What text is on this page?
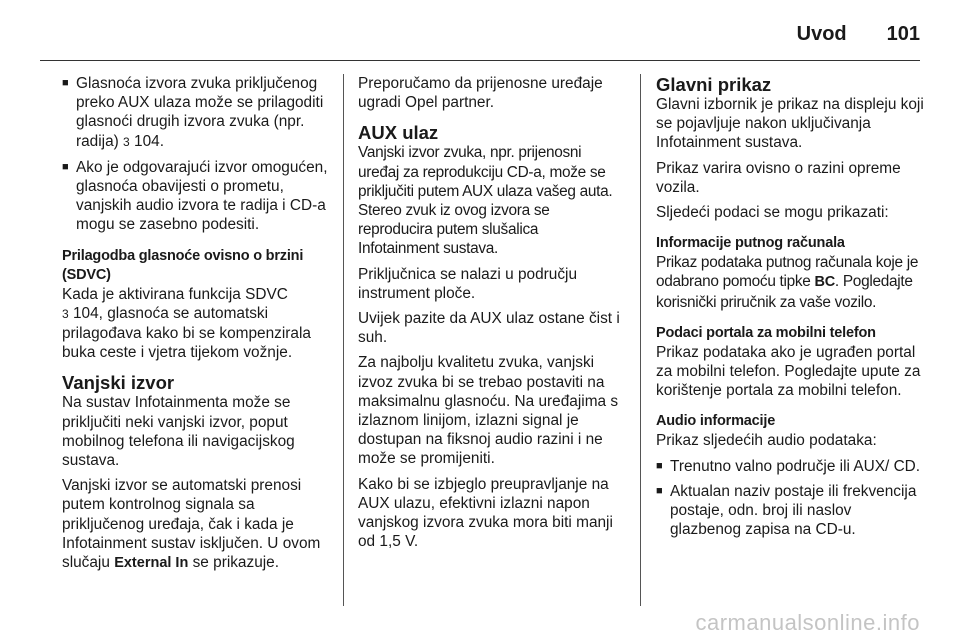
Uvod 101
■ Glasnoća izvora zvuka priključenog preko AUX ulaza može se prilagoditi glasnoći drugih izvora zvuka (npr. radija) 3 104.
■ Ako je odgovarajući izvor omogućen, glasnoća obavijesti o prometu, vanjskih audio izvora te radija i CD-a mogu se zasebno podesiti.
Prilagodba glasnoće ovisno o brzini (SDVC)

Kada je aktivirana funkcija SDVC
3 104, glasnoća se automatski prilagođava kako bi se kompenzirala buka ceste i vjetra tijekom vožnje.

Vanjski izvor

Na sustav Infotainmenta može se priključiti neki vanjski izvor, poput mobilnog telefona ili navigacijskog sustava.

Vanjski izvor se automatski prenosi putem kontrolnog signala sa priključenog uređaja, čak i kada je Infotainment sustav isključen. U ovom slučaju External In se prikazuje.

Preporučamo da prijenosne uređaje ugradi Opel partner.

AUX ulaz

Vanjski izvor zvuka, npr. prijenosni uređaj za reprodukciju CD-a, može se priključiti putem AUX ulaza vašeg auta. Stereo zvuk iz ovog izvora se reproducira putem slušalica Infotainment sustava.

Priključnica se nalazi u području instrument ploče.

Uvijek pazite da AUX ulaz ostane čist i suh.

Za najbolju kvalitetu zvuka, vanjski izvoz zvuka bi se trebao postaviti na maksimalnu glasnoću. Na uređajima s izlaznom linijom, izlazni signal je dostupan na fiksnoj audio razini i ne može se promijeniti.

Kako bi se izbjeglo preupravljanje na AUX ulazu, efektivni izlazni napon vanjskog izvora zvuka mora biti manji od 1,5 V.

Glavni prikaz

Glavni izbornik je prikaz na displeju koji se pojavljuje nakon uključivanja Infotainment sustava.

Prikaz varira ovisno o razini opreme vozila.

Sljedeći podaci se mogu prikazati:

Informacije putnog računala

Prikaz podataka putnog računala koje je odabrano pomoću tipke BC. Pogledajte korisnički priručnik za vaše vozilo.

Podaci portala za mobilni telefon

Prikaz podataka ako je ugrađen portal za mobilni telefon. Pogledajte upute za korištenje portala za mobilni telefon.

Audio informacije

Prikaz sljedećih audio podataka:

■ Trenutno valno područje ili AUX/ CD.
■ Aktualan naziv postaje ili frekvencija postaje, odn. broj ili naslov glazbenog zapisa na CD-u.
carmanualsonline.info
